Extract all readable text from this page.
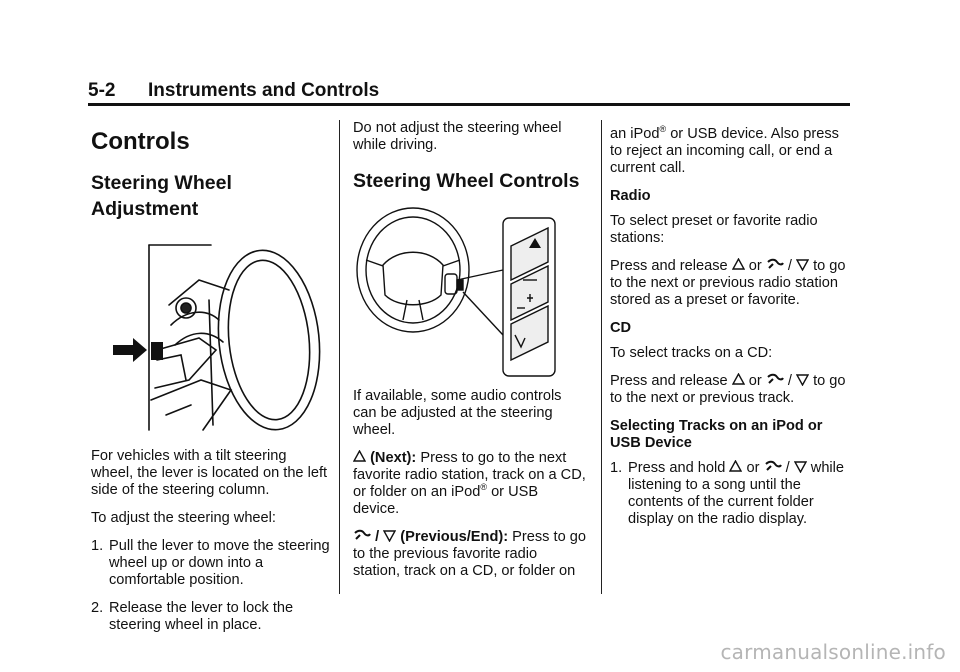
5-2 Instruments and Controls
Controls
Steering Wheel
Adjustment

For vehicles with a tilt steering wheel, the lever is located on the left side of the steering column.

To adjust the steering wheel:

1. Pull the lever to move the steering wheel up or down into a comfortable position.
2. Release the lever to lock the steering wheel in place.

Do not adjust the steering wheel while driving.

Steering Wheel Controls

If available, some audio controls can be adjusted at the steering wheel.

(Next): Press to go to the next favorite radio station, track on a CD, or folder on an iPod® or USB device.

/ (Previous/End): Press to go to the previous favorite radio station, track on a CD, or folder on

an iPod® or USB device. Also press to reject an incoming call, or end a current call.

Radio

To select preset or favorite radio stations:

Press and release or / to go to the next or previous radio station stored as a preset or favorite.

CD

To select tracks on a CD:

Press and release or / to go to the next or previous track.

Selecting Tracks on an iPod or USB Device

1. Press and hold or / while listening to a song until the contents of the current folder display on the radio display.
carmanualsonline.info
